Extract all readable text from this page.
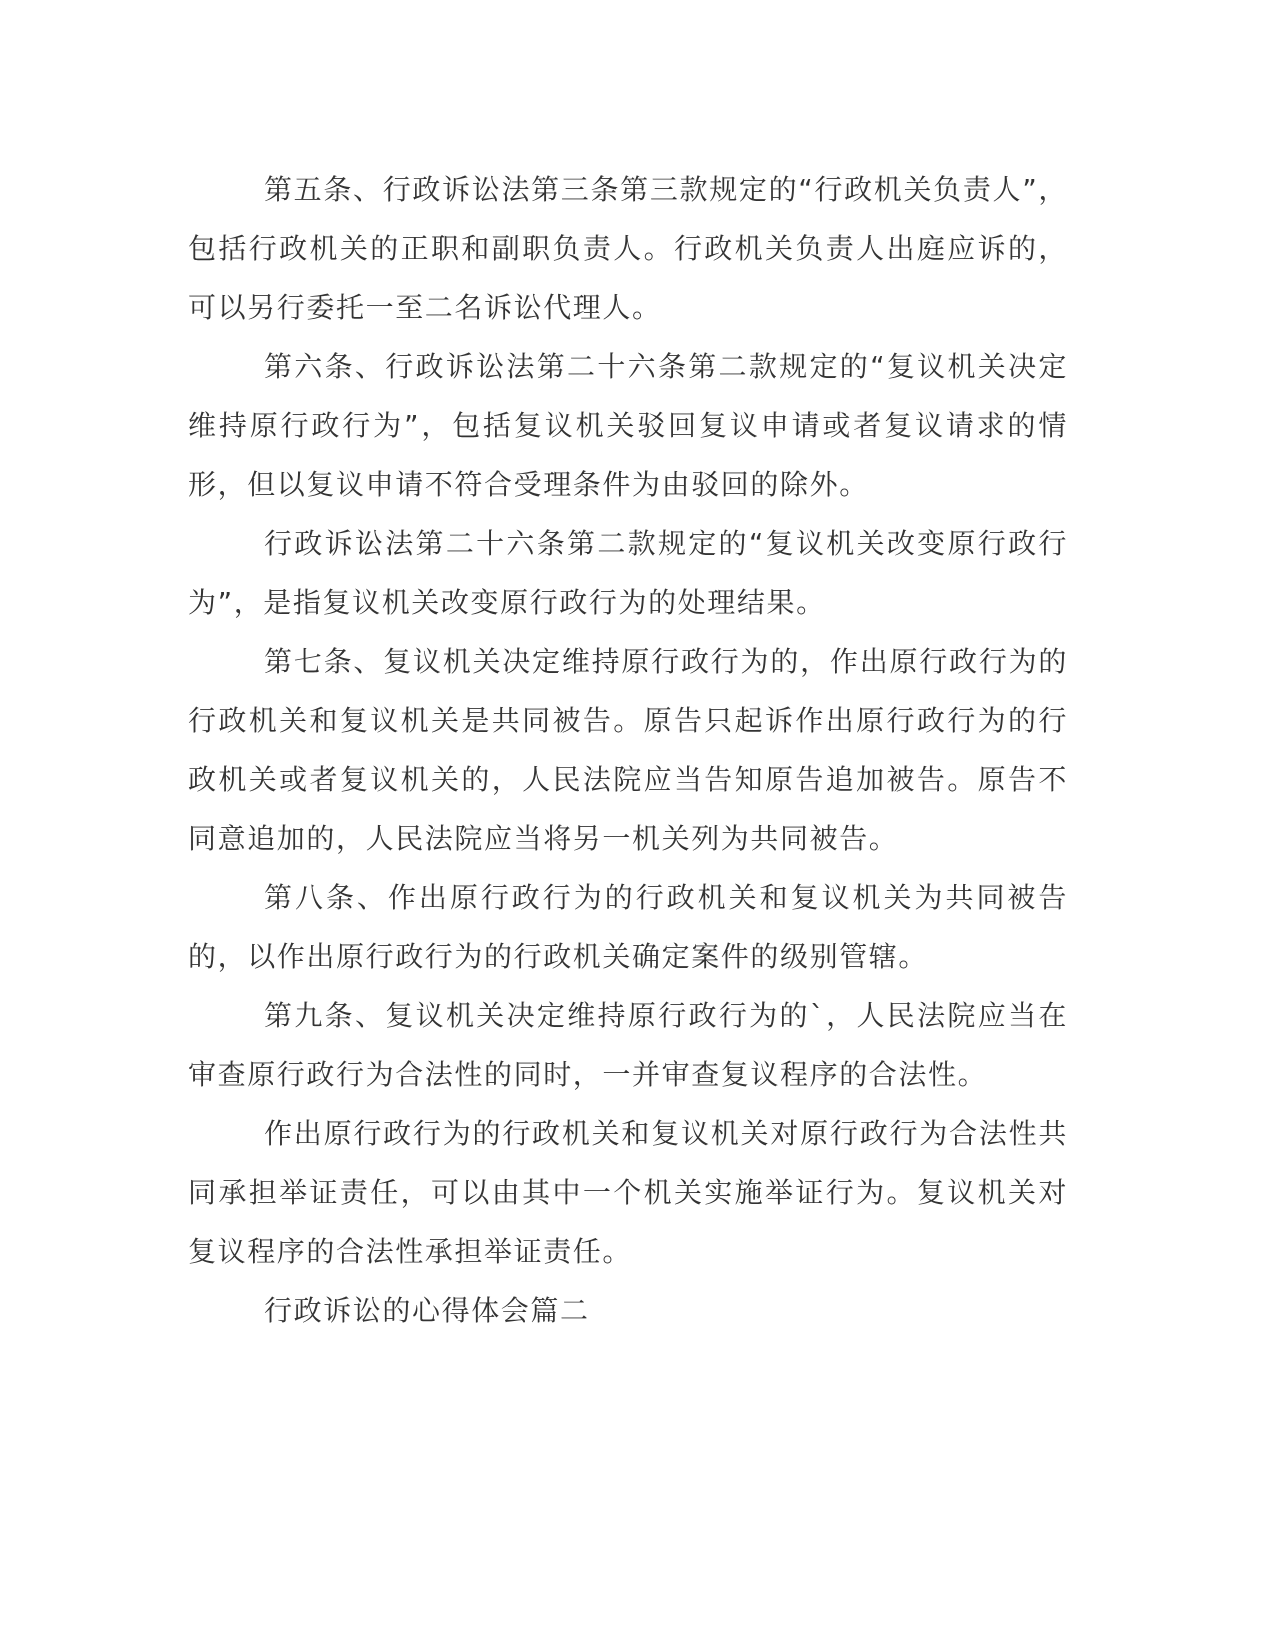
第五条、行政诉讼法第三条第三款规定的“行政机关负责人”，包括行政机关的正职和副职负责人。行政机关负责人出庭应诉的，可以另行委托一至二名诉讼代理人。

第六条、行政诉讼法第二十六条第二款规定的“复议机关决定维持原行政行为”，包括复议机关驳回复议申请或者复议请求的情形，但以复议申请不符合受理条件为由驳回的除外。

行政诉讼法第二十六条第二款规定的“复议机关改变原行政行为”，是指复议机关改变原行政行为的处理结果。

第七条、复议机关决定维持原行政行为的，作出原行政行为的行政机关和复议机关是共同被告。原告只起诉作出原行政行为的行政机关或者复议机关的，人民法院应当告知原告追加被告。原告不同意追加的，人民法院应当将另一机关列为共同被告。

第八条、作出原行政行为的行政机关和复议机关为共同被告的，以作出原行政行为的行政机关确定案件的级别管辖。

第九条、复议机关决定维持原行政行为的`，人民法院应当在审查原行政行为合法性的同时，一并审查复议程序的合法性。

作出原行政行为的行政机关和复议机关对原行政行为合法性共同承担举证责任，可以由其中一个机关实施举证行为。复议机关对复议程序的合法性承担举证责任。

行政诉讼的心得体会篇二
